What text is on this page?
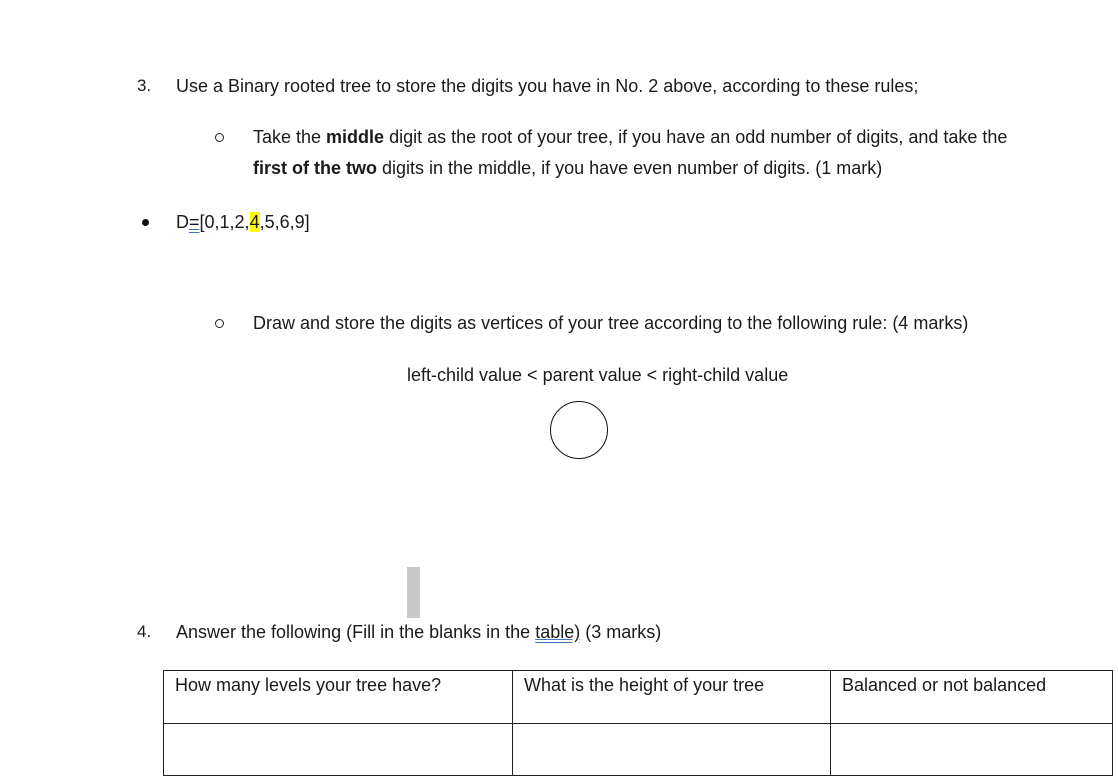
3. Use a Binary rooted tree to store the digits you have in No. 2 above, according to these rules;
Take the middle digit as the root of your tree, if you have an odd number of digits, and take the
first of the two digits in the middle, if you have even number of digits. (1 mark)
D=[0,1,2,4,5,6,9]
Draw and store the digits as vertices of your tree according to the following rule: (4 marks)
left-child value < parent value < right-child value
4. Answer the following (Fill in the blanks in the table) (3 marks)
How many levels your tree have?	What is the height of your tree	Balanced or not balanced
